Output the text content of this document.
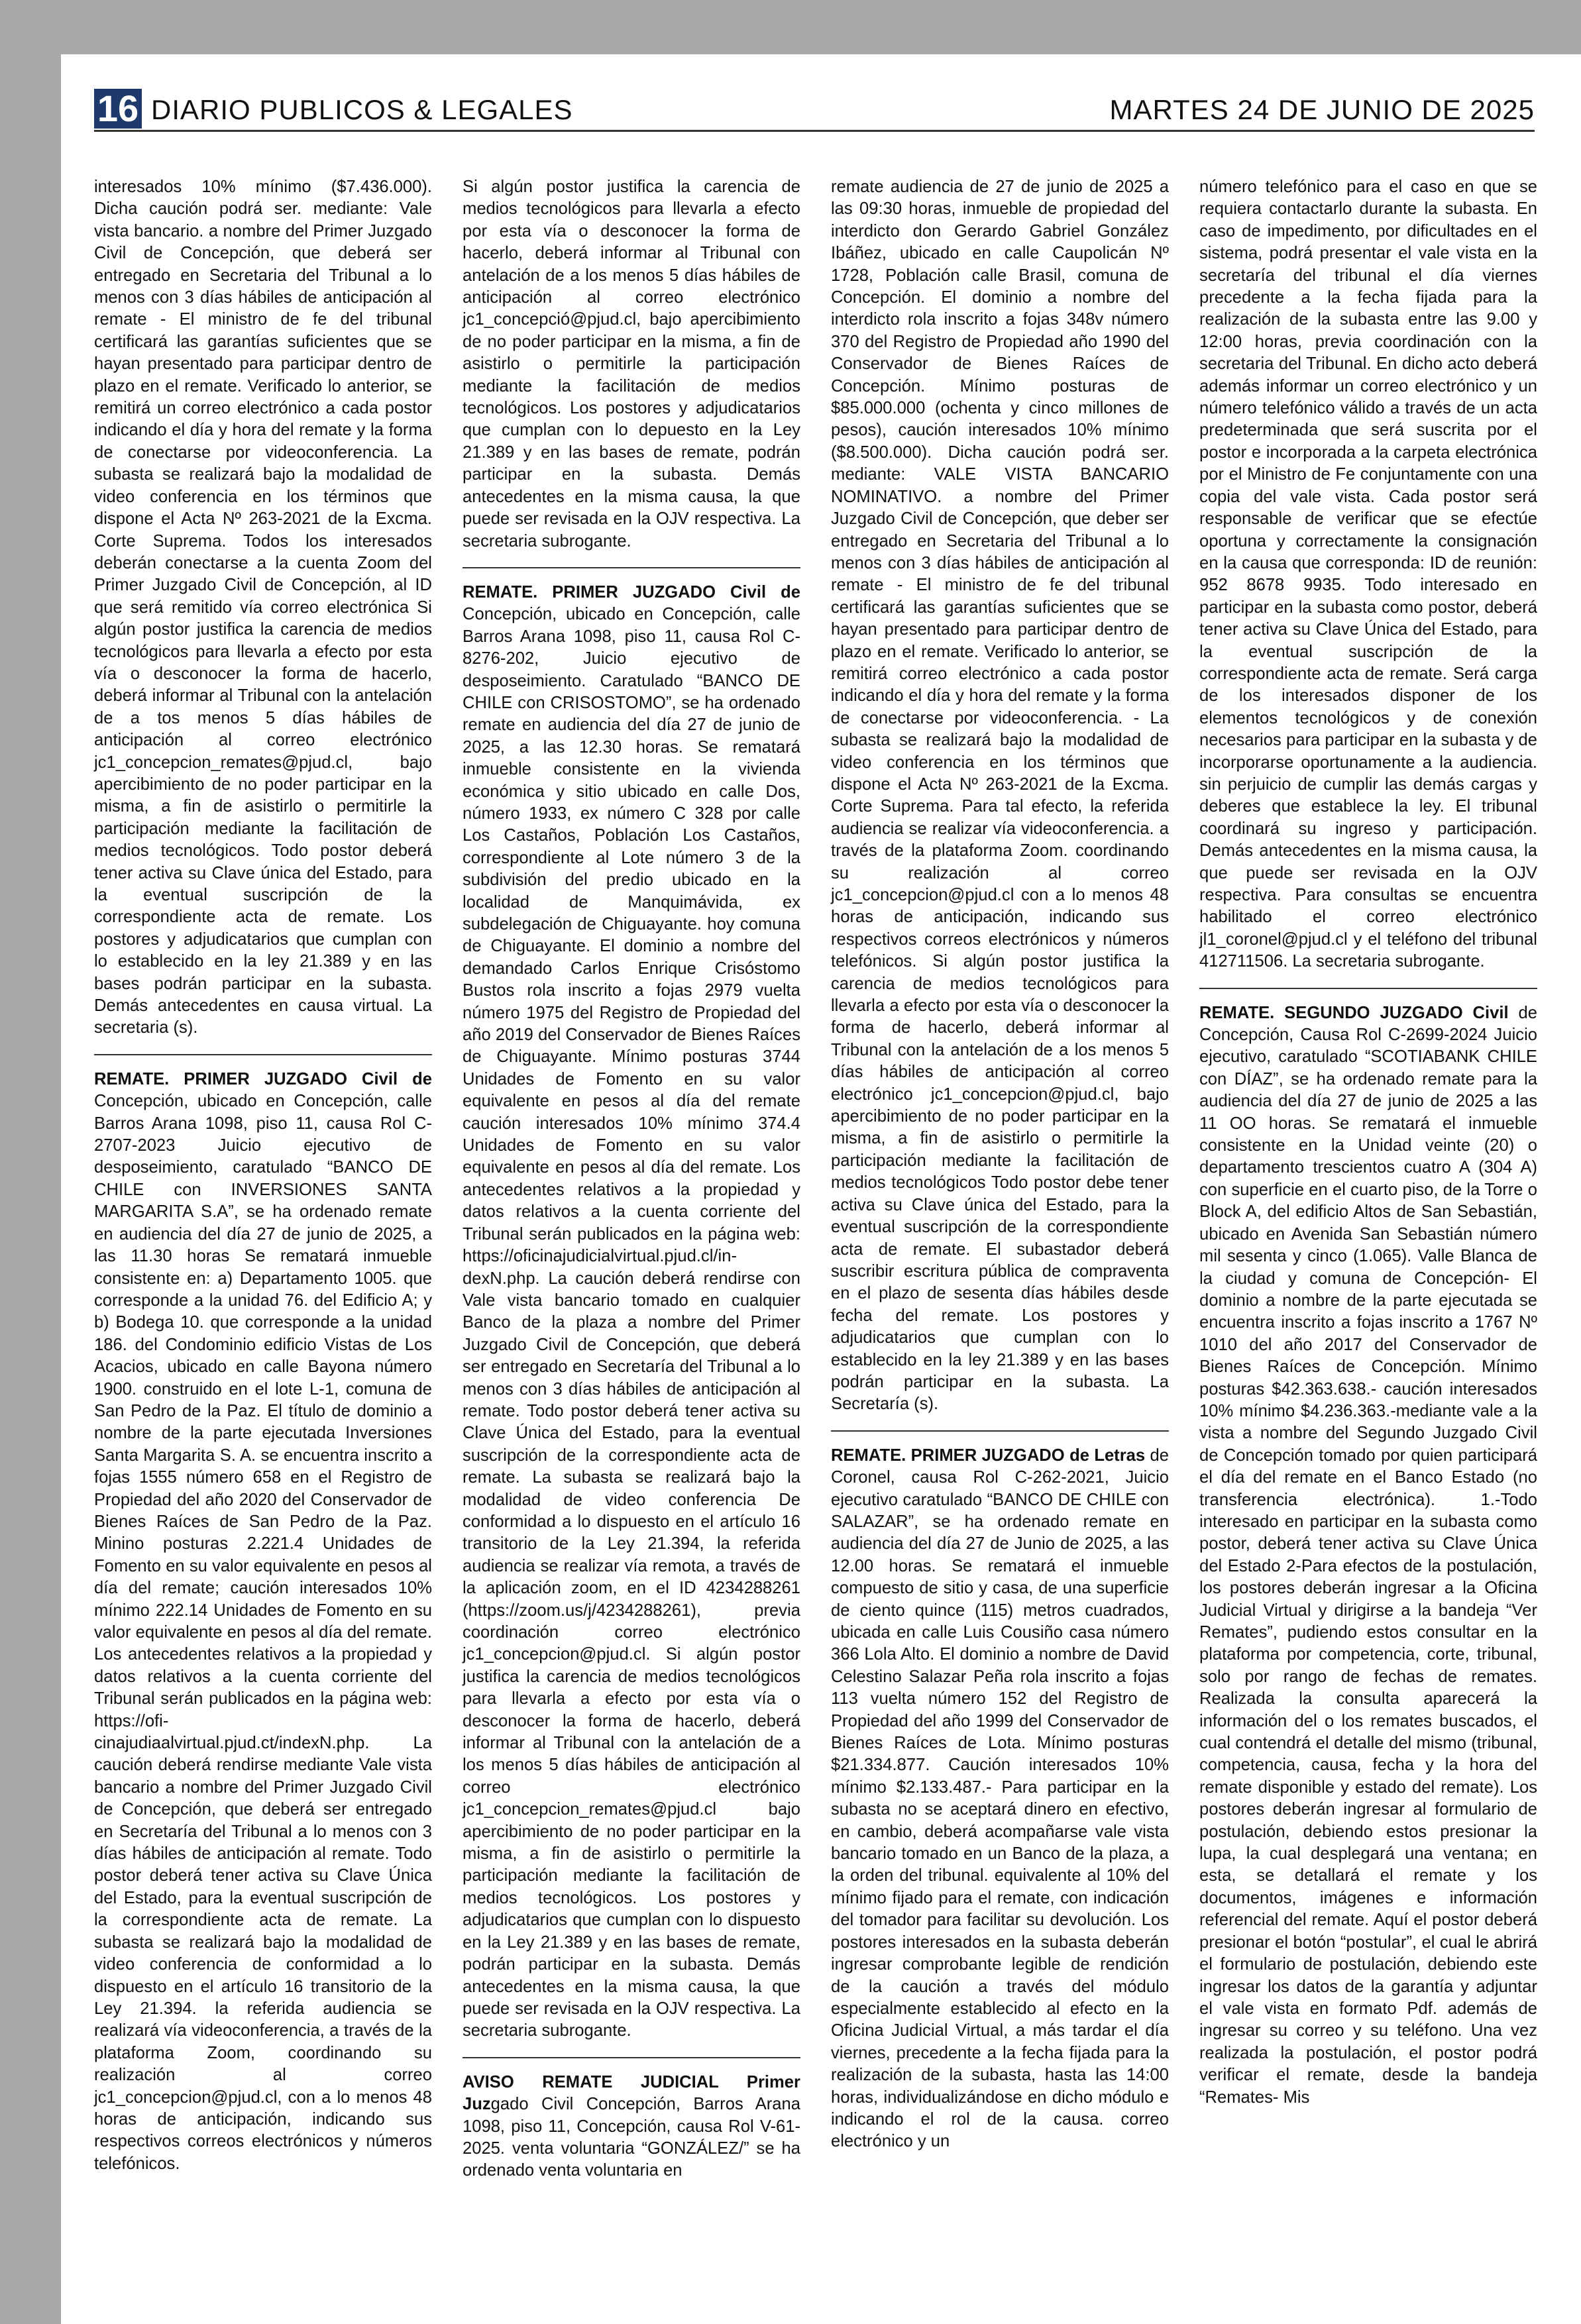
16 DIARIO PUBLICOS & LEGALES	MARTES 24 DE JUNIO DE 2025

interesados 10% mínimo ($7.436.000). Dicha caución podrá ser. mediante: Vale vista bancario. a nombre del Primer Juzgado Civil de Concepción, que deberá ser entregado en Secretaria del Tribunal a lo menos con 3 días hábiles de anticipación al remate - El ministro de fe del tribunal certificará las garantías suficientes que se hayan presentado para participar dentro de plazo en el remate. Verificado lo anterior, se remitirá un correo electrónico a cada postor indicando el día y hora del remate y la forma de conectarse por videoconferencia. La subasta se realizará bajo la modalidad de video conferencia en los términos que dispone el Acta Nº 263-2021 de la Excma. Corte Suprema. Todos los interesados deberán conectarse a la cuenta Zoom del Primer Juzgado Civil de Concepción, al ID que será remitido vía correo electrónica Si algún postor justifica la carencia de medios tecnológicos para llevarla a efecto por esta vía o desconocer la forma de hacerlo, deberá informar al Tribunal con la antelación de a tos menos 5 días hábiles de anticipación al correo electrónico jc1_concepcion_remates@pjud.cl, bajo apercibimiento de no poder participar en la misma, a fin de asistirlo o permitirle la participación mediante la facilitación de medios tecnológicos. Todo postor deberá tener activa su Clave única del Estado, para la eventual suscripción de la correspondiente acta de remate. Los postores y adjudicatarios que cumplan con lo establecido en la ley 21.389 y en las bases podrán participar en la subasta. Demás antecedentes en causa virtual. La secretaria (s).

REMATE. PRIMER JUZGADO Civil de Concepción, ubicado en Concepción, calle Barros Arana 1098, piso 11, causa Rol C-2707-2023 Juicio ejecutivo de desposeimiento, caratulado “BANCO DE CHILE con INVERSIONES SANTA MARGARITA S.A”, se ha ordenado remate en audiencia del día 27 de junio de 2025, a las 11.30 horas Se rematará inmueble consistente en: a) Departamento 1005. que corresponde a la unidad 76. del Edificio A; y b) Bodega 10. que corresponde a la unidad 186. del Condominio edificio Vistas de Los Acacios, ubicado en calle Bayona número 1900. construido en el lote L-1, comuna de San Pedro de la Paz. El título de dominio a nombre de la parte ejecutada Inversiones Santa Margarita S. A. se encuentra inscrito a fojas 1555 número 658 en el Registro de Propiedad del año 2020 del Conservador de Bienes Raíces de San Pedro de la Paz. Minino posturas 2.221.4 Unidades de Fomento en su valor equivalente en pesos al día del remate; caución interesados 10% mínimo 222.14 Unidades de Fomento en su valor equivalente en pesos al día del remate. Los antecedentes relativos a la propiedad y datos relativos a la cuenta corriente del Tribunal serán publicados en la página web: https://ofi-cinajudiaalvirtual.pjud.ct/indexN.php. La caución deberá rendirse mediante Vale vista bancario a nombre del Primer Juzgado Civil de Concepción, que deberá ser entregado en Secretaría del Tribunal a lo menos con 3 días hábiles de anticipación al remate. Todo postor deberá tener activa su Clave Única del Estado, para la eventual suscripción de la correspondiente acta de remate. La subasta se realizará bajo la modalidad de video conferencia de conformidad a lo dispuesto en el artículo 16 transitorio de la Ley 21.394. la referida audiencia se realizará vía videoconferencia, a través de la plataforma Zoom, coordinando su realización al correo jc1_concepcion@pjud.cl, con a lo menos 48 horas de anticipación, indicando sus respectivos correos electrónicos y números telefónicos.

Si algún postor justifica la carencia de medios tecnológicos para llevarla a efecto por esta vía o desconocer la forma de hacerlo, deberá informar al Tribunal con antelación de a los menos 5 días hábiles de anticipación al correo electrónico jc1_concepció@pjud.cl, bajo apercibimiento de no poder participar en la misma, a fin de asistirlo o permitirle la participación mediante la facilitación de medios tecnológicos. Los postores y adjudicatarios que cumplan con lo depuesto en la Ley 21.389 y en las bases de remate, podrán participar en la subasta. Demás antecedentes en la misma causa, la que puede ser revisada en la OJV respectiva. La secretaria subrogante.

REMATE. PRIMER JUZGADO Civil de Concepción, ubicado en Concepción, calle Barros Arana 1098, piso 11, causa Rol C-8276-202, Juicio ejecutivo de desposeimiento. Caratulado “BANCO DE CHILE con CRISOSTOMO”, se ha ordenado remate en audiencia del día 27 de junio de 2025, a las 12.30 horas. Se rematará inmueble consistente en la vivienda económica y sitio ubicado en calle Dos, número 1933, ex número C 328 por calle Los Castaños, Población Los Castaños, correspondiente al Lote número 3 de la subdivisión del predio ubicado en la localidad de Manquimávida, ex subdelegación de Chiguayante. hoy comuna de Chiguayante. El dominio a nombre del demandado Carlos Enrique Crisóstomo Bustos rola inscrito a fojas 2979 vuelta número 1975 del Registro de Propiedad del año 2019 del Conservador de Bienes Raíces de Chiguayante. Mínimo posturas 3744 Unidades de Fomento en su valor equivalente en pesos al día del remate caución interesados 10% mínimo 374.4 Unidades de Fomento en su valor equivalente en pesos al día del remate. Los antecedentes relativos a la propiedad y datos relativos a la cuenta corriente del Tribunal serán publicados en la página web: https://oficinajudicialvirtual.pjud.cl/in-dexN.php. La caución deberá rendirse con Vale vista bancario tomado en cualquier Banco de la plaza a nombre del Primer Juzgado Civil de Concepción, que deberá ser entregado en Secretaría del Tribunal a lo menos con 3 días hábiles de anticipación al remate. Todo postor deberá tener activa su Clave Única del Estado, para la eventual suscripción de la correspondiente acta de remate. La subasta se realizará bajo la modalidad de video conferencia De conformidad a lo dispuesto en el artículo 16 transitorio de la Ley 21.394, la referida audiencia se realizar vía remota, a través de la aplicación zoom, en el ID 4234288261 (https://zoom.us/j/4234288261), previa coordinación correo electrónico jc1_concepcion@pjud.cl. Si algún postor justifica la carencia de medios tecnológicos para llevarla a efecto por esta vía o desconocer la forma de hacerlo, deberá informar al Tribunal con la antelación de a los menos 5 días hábiles de anticipación al correo electrónico jc1_concepcion_remates@pjud.cl bajo apercibimiento de no poder participar en la misma, a fin de asistirlo o permitirle la participación mediante la facilitación de medios tecnológicos. Los postores y adjudicatarios que cumplan con lo dispuesto en la Ley 21.389 y en las bases de remate, podrán participar en la subasta. Demás antecedentes en la misma causa, la que puede ser revisada en la OJV respectiva. La secretaria subrogante.

AVISO REMATE JUDICIAL Primer Juzgado Civil Concepción, Barros Arana 1098, piso 11, Concepción, causa Rol V-61-2025. venta voluntaria “GONZÁLEZ/” se ha ordenado venta voluntaria en

remate audiencia de 27 de junio de 2025 a las 09:30 horas, inmueble de propiedad del interdicto don Gerardo Gabriel González Ibáñez, ubicado en calle Caupolicán Nº 1728, Población calle Brasil, comuna de Concepción. El dominio a nombre del interdicto rola inscrito a fojas 348v número 370 del Registro de Propiedad año 1990 del Conservador de Bienes Raíces de Concepción. Mínimo posturas de $85.000.000 (ochenta y cinco millones de pesos), caución interesados 10% mínimo ($8.500.000). Dicha caución podrá ser. mediante: VALE VISTA BANCARIO NOMINATIVO. a nombre del Primer Juzgado Civil de Concepción, que deber ser entregado en Secretaria del Tribunal a lo menos con 3 días hábiles de anticipación al remate - El ministro de fe del tribunal certificará las garantías suficientes que se hayan presentado para participar dentro de plazo en el remate. Verificado lo anterior, se remitirá correo electrónico a cada postor indicando el día y hora del remate y la forma de conectarse por videoconferencia. - La subasta se realizará bajo la modalidad de video conferencia en los términos que dispone el Acta Nº 263-2021 de la Excma. Corte Suprema. Para tal efecto, la referida audiencia se realizar vía videoconferencia. a través de la plataforma Zoom. coordinando su realización al correo jc1_concepcion@pjud.cl con a lo menos 48 horas de anticipación, indicando sus respectivos correos electrónicos y números telefónicos. Si algún postor justifica la carencia de medios tecnológicos para llevarla a efecto por esta vía o desconocer la forma de hacerlo, deberá informar al Tribunal con la antelación de a los menos 5 días hábiles de anticipación al correo electrónico jc1_concepcion@pjud.cl, bajo apercibimiento de no poder participar en la misma, a fin de asistirlo o permitirle la participación mediante la facilitación de medios tecnológicos Todo postor debe tener activa su Clave única del Estado, para la eventual suscripción de la correspondiente acta de remate. El subastador deberá suscribir escritura pública de compraventa en el plazo de sesenta días hábiles desde fecha del remate. Los postores y adjudicatarios que cumplan con lo establecido en la ley 21.389 y en las bases podrán participar en la subasta. La Secretaría (s).

REMATE. PRIMER JUZGADO de Letras de Coronel, causa Rol C-262-2021, Juicio ejecutivo caratulado “BANCO DE CHILE con SALAZAR”, se ha ordenado remate en audiencia del día 27 de Junio de 2025, a las 12.00 horas. Se rematará el inmueble compuesto de sitio y casa, de una superficie de ciento quince (115) metros cuadrados, ubicada en calle Luis Cousiño casa número 366 Lola Alto. El dominio a nombre de David Celestino Salazar Peña rola inscrito a fojas 113 vuelta número 152 del Registro de Propiedad del año 1999 del Conservador de Bienes Raíces de Lota. Mínimo posturas $21.334.877. Caución interesados 10% mínimo $2.133.487.- Para participar en la subasta no se aceptará dinero en efectivo, en cambio, deberá acompañarse vale vista bancario tomado en un Banco de la plaza, a la orden del tribunal. equivalente al 10% del mínimo fijado para el remate, con indicación del tomador para facilitar su devolución. Los postores interesados en la subasta deberán ingresar comprobante legible de rendición de la caución a través del módulo especialmente establecido al efecto en la Oficina Judicial Virtual, a más tardar el día viernes, precedente a la fecha fijada para la realización de la subasta, hasta las 14:00 horas, individualizándose en dicho módulo e indicando el rol de la causa. correo electrónico y un

número telefónico para el caso en que se requiera contactarlo durante la subasta. En caso de impedimento, por dificultades en el sistema, podrá presentar el vale vista en la secretaría del tribunal el día viernes precedente a la fecha fijada para la realización de la subasta entre las 9.00 y 12:00 horas, previa coordinación con la secretaria del Tribunal. En dicho acto deberá además informar un correo electrónico y un número telefónico válido a través de un acta predeterminada que será suscrita por el postor e incorporada a la carpeta electrónica por el Ministro de Fe conjuntamente con una copia del vale vista. Cada postor será responsable de verificar que se efectúe oportuna y correctamente la consignación en la causa que corresponda: ID de reunión: 952 8678 9935. Todo interesado en participar en la subasta como postor, deberá tener activa su Clave Única del Estado, para la eventual suscripción de la correspondiente acta de remate. Será carga de los interesados disponer de los elementos tecnológicos y de conexión necesarios para participar en la subasta y de incorporarse oportunamente a la audiencia. sin perjuicio de cumplir las demás cargas y deberes que establece la ley. El tribunal coordinará su ingreso y participación. Demás antecedentes en la misma causa, la que puede ser revisada en la OJV respectiva. Para consultas se encuentra habilitado el correo electrónico jl1_coronel@pjud.cl y el teléfono del tribunal 412711506. La secretaria subrogante.

REMATE. SEGUNDO JUZGADO Civil de Concepción, Causa Rol C-2699-2024 Juicio ejecutivo, caratulado “SCOTIABANK CHILE con DÍAZ”, se ha ordenado remate para la audiencia del día 27 de junio de 2025 a las 11 OO horas. Se rematará el inmueble consistente en la Unidad veinte (20) o departamento trescientos cuatro A (304 A) con superficie en el cuarto piso, de la Torre o Block A, del edificio Altos de San Sebastián, ubicado en Avenida San Sebastián número mil sesenta y cinco (1.065). Valle Blanca de la ciudad y comuna de Concepción- El dominio a nombre de la parte ejecutada se encuentra inscrito a fojas inscrito a 1767 Nº 1010 del año 2017 del Conservador de Bienes Raíces de Concepción. Mínimo posturas $42.363.638.- caución interesados 10% mínimo $4.236.363.-mediante vale a la vista a nombre del Segundo Juzgado Civil de Concepción tomado por quien participará el día del remate en el Banco Estado (no transferencia electrónica). 1.-Todo interesado en participar en la subasta como postor, deberá tener activa su Clave Única del Estado 2-Para efectos de la postulación, los postores deberán ingresar a la Oficina Judicial Virtual y dirigirse a la bandeja “Ver Remates”, pudiendo estos consultar en la plataforma por competencia, corte, tribunal, solo por rango de fechas de remates. Realizada la consulta aparecerá la información del o los remates buscados, el cual contendrá el detalle del mismo (tribunal, competencia, causa, fecha y la hora del remate disponible y estado del remate). Los postores deberán ingresar al formulario de postulación, debiendo estos presionar la lupa, la cual desplegará una ventana; en esta, se detallará el remate y los documentos, imágenes e información referencial del remate. Aquí el postor deberá presionar el botón “postular”, el cual le abrirá el formulario de postulación, debiendo este ingresar los datos de la garantía y adjuntar el vale vista en formato Pdf. además de ingresar su correo y su teléfono. Una vez realizada la postulación, el postor podrá verificar el remate, desde la bandeja “Remates- Mis
